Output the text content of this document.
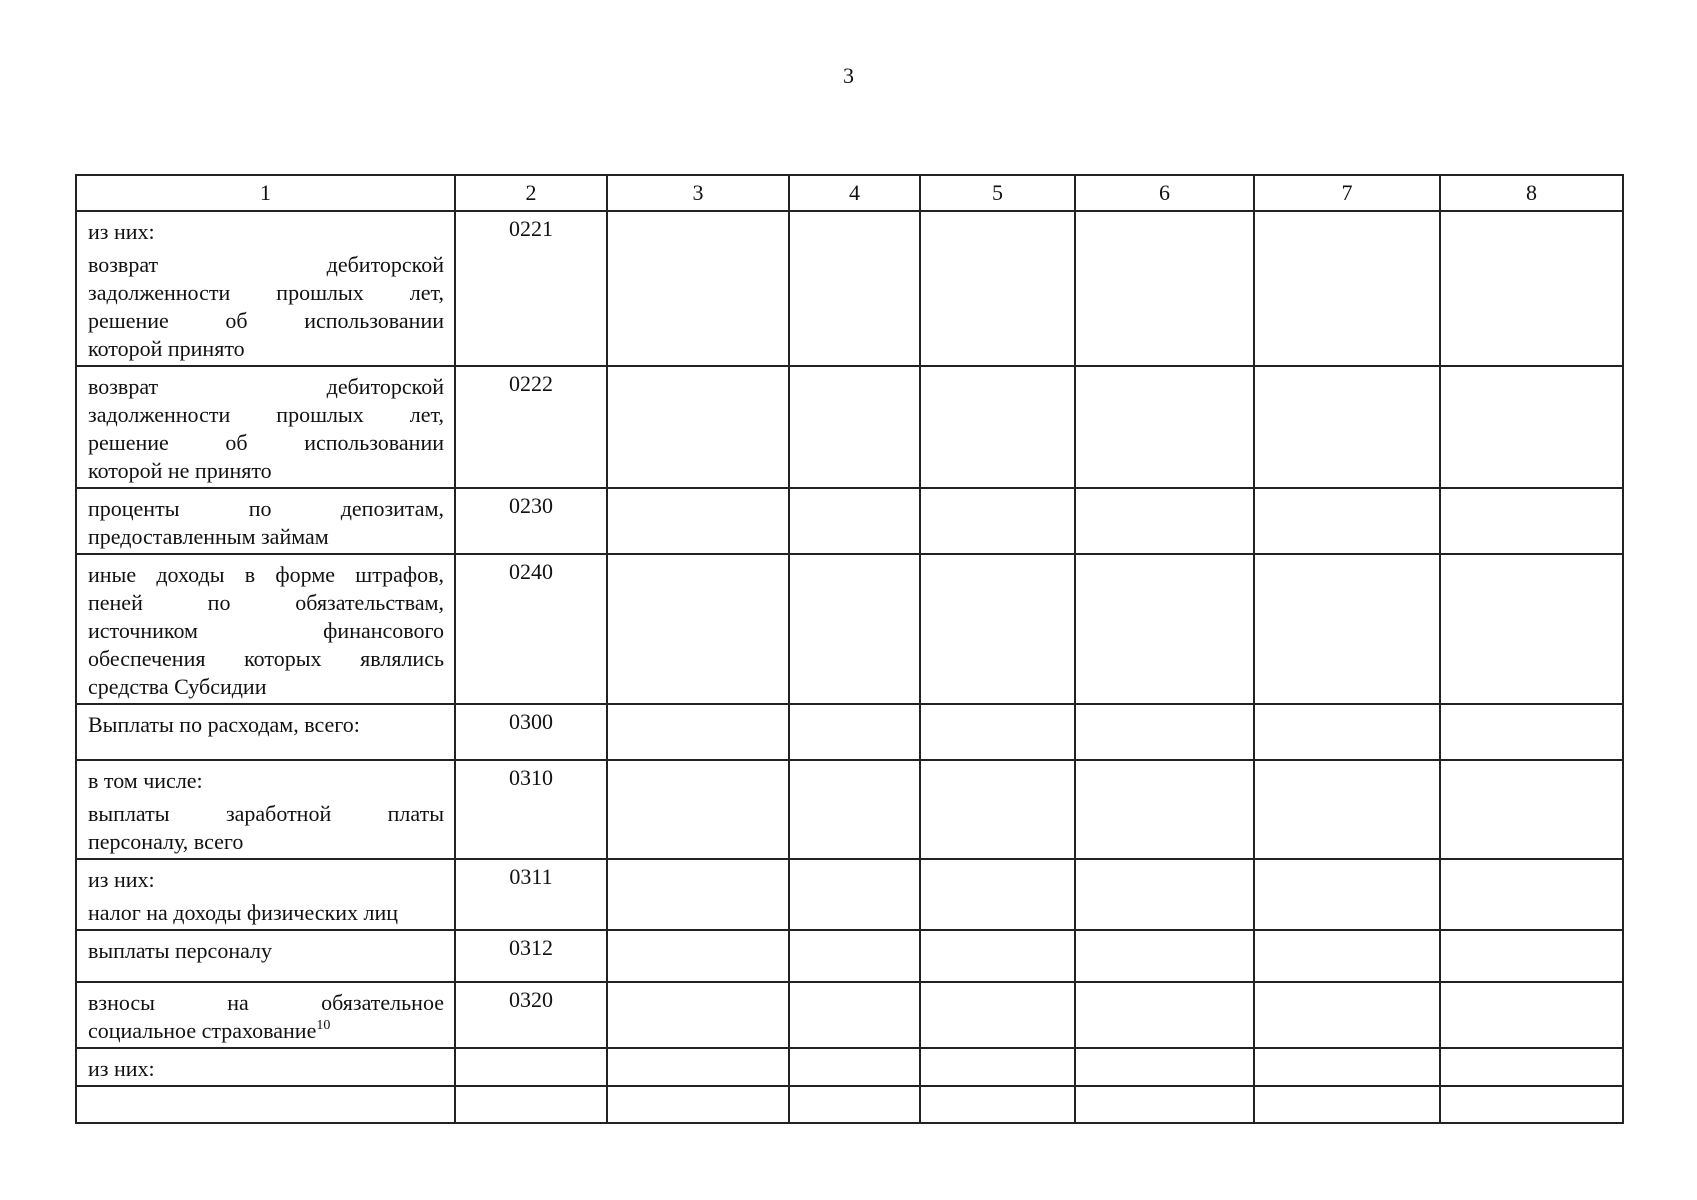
3
1	2	3	4	5	6	7	8

из них:
возврат дебиторской
задолженности прошлых лет,
решение об использовании
которой принято	0221						

возврат дебиторской
задолженности прошлых лет,
решение об использовании
которой не принято	0222						

проценты по депозитам,
предоставленным займам	0230						

иные доходы в форме штрафов,
пеней по обязательствам,
источником финансового
обеспечения которых являлись
средства Субсидии	0240						

Выплаты по расходам, всего:	0300						

в том числе:
выплаты заработной платы
персоналу, всего	0310						

из них:
налог на доходы физических лиц	0311						

выплаты персоналу	0312						

взносы на обязательное
социальное страхование$^{10}$	0320						

из них:							
